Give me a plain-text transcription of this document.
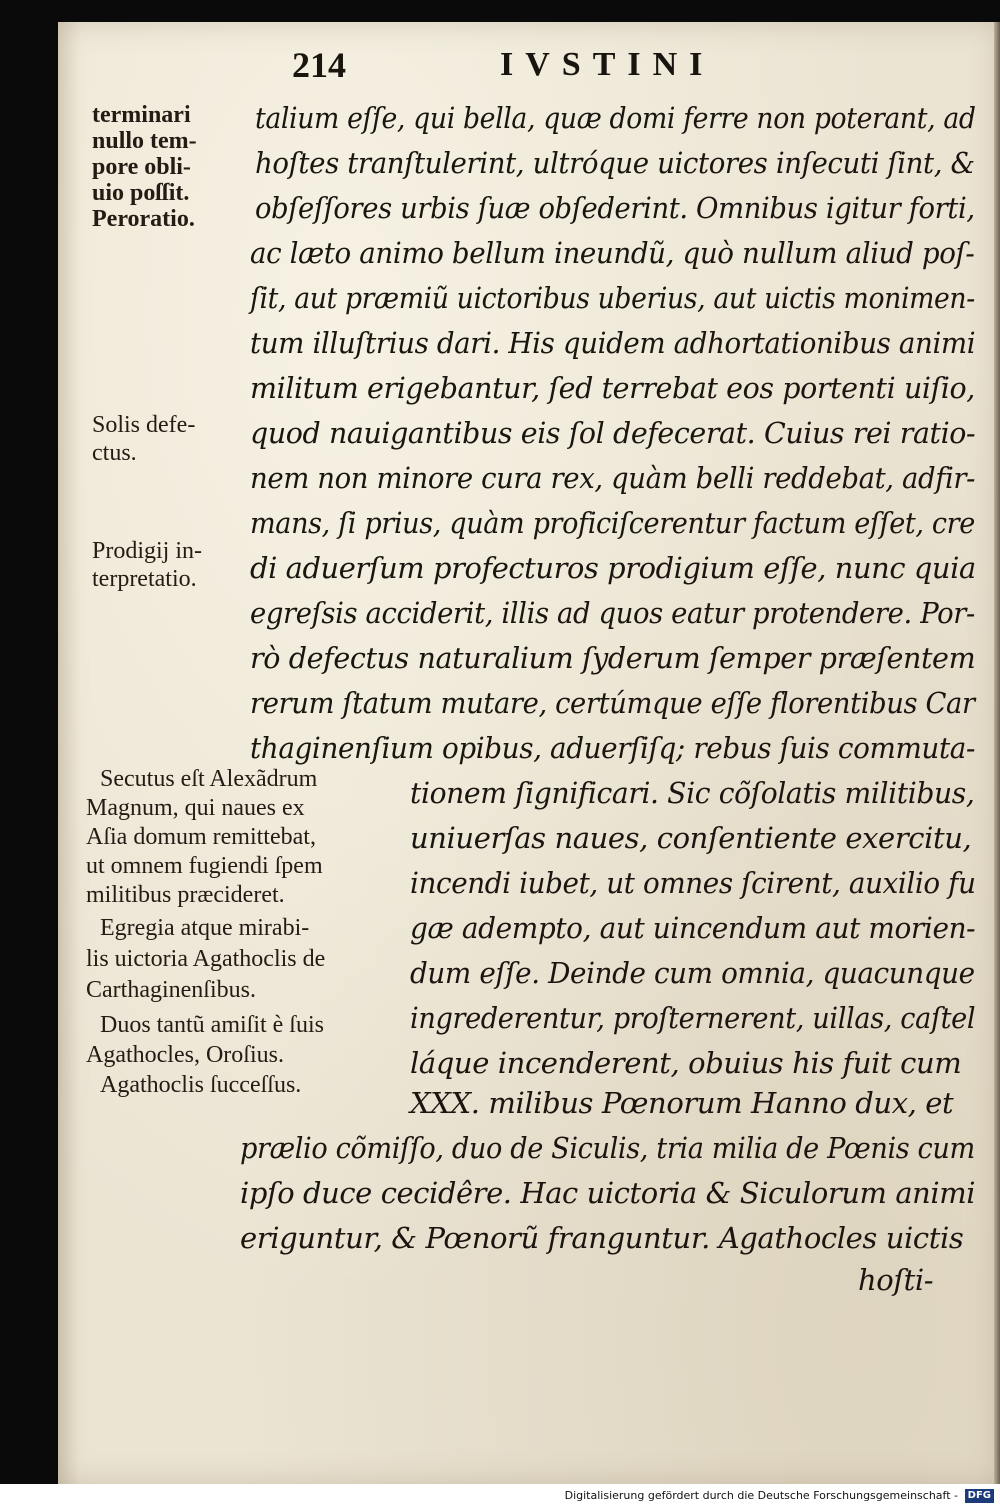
214	IVSTINI
talium eſſe, qui bella, quæ domi ferre non poterant, ad
hoſtes tranſtulerint, ultróque uictores inſecuti ſint, &
obſeſſores urbis ſuæ obſederint. Omnibus igitur forti,
ac læto animo bellum ineundũ, quò nullum aliud poſ-
ſit, aut præmiũ uictoribus uberius, aut uictis monimen-
tum illuſtrius dari. His quidem adhortationibus animi
militum erigebantur, ſed terrebat eos portenti uiſio,
quod nauigantibus eis ſol defecerat. Cuius rei ratio-
nem non minore cura rex, quàm belli reddebat, adfir-
mans, ſi prius, quàm proficiſcerentur factum eſſet, cre
di aduerſum profecturos prodigium eſſe, nunc quia
egreſsis acciderit, illis ad quos eatur protendere. Por-
rò defectus naturalium ſyderum ſemper præſentem
rerum ſtatum mutare, certúmque eſſe florentibus Car
thaginenſium opibus, aduerſiſq; rebus ſuis commuta-
tionem ſignificari. Sic cõſolatis militibus,
uniuerſas naues, conſentiente exercitu,
incendi iubet, ut omnes ſcirent, auxilio fu
gæ adempto, aut uincendum aut morien-
dum eſſe. Deinde cum omnia, quacunque
ingrederentur, proſternerent, uillas, caſtel
láque incenderent, obuius his fuit cum
XXX. milibus Pœnorum Hanno dux, et
prælio cõmiſſo, duo de Siculis, tria milia de Pœnis cum
ipſo duce cecidêre. Hac uictoria & Siculorum animi
eriguntur, & Pœnorũ franguntur. Agathocles uictis
hoſti-
terminari
nullo tem-
pore obli-
uio poſſit.
Peroratio.
Solis defe-
ctus.
Prodigij in-
terpretatio.
Secutus eſt Alexãdrum
Magnum, qui naues ex
Aſia domum remittebat,
ut omnem fugiendi ſpem
militibus præcideret.
Egregia atque mirabi-
lis uictoria Agathoclis de
Carthaginenſibus.
Duos tantũ amiſit è ſuis
Agathocles, Oroſius.
Agathoclis ſucceſſus.
Digitalisierung gefördert durch die Deutsche Forschungsgemeinschaft - DFG
